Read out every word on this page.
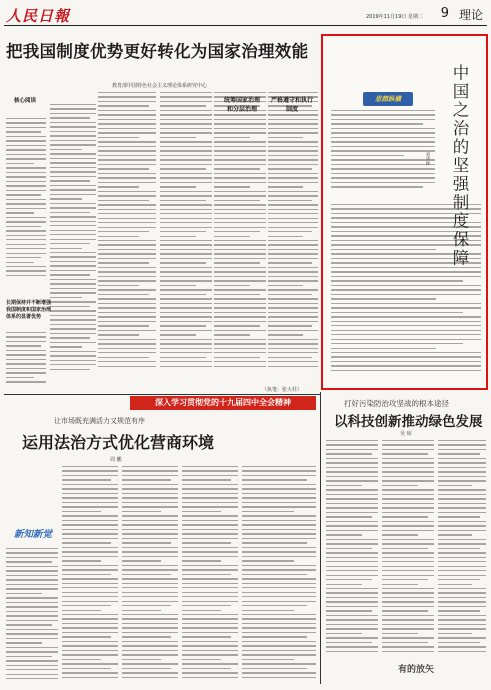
人民日報	2019年11月19日 星期二 9 理论
把我国制度优势更好转化为国家治理效能
教育部中国特色社会主义理论体系研究中心
核心阅读	统筹国家治理和分层治理
严格遵守和执行制度
长期保持并不断增强我国制度和国家治理体系的显著优势
（执笔：张大柱）
思想纵横	中国之治的坚强制度保障
刘华林
深入学习贯彻党的十九届四中全会精神
让市场既充满活力又规范有序
运用法治方式优化营商环境
周 鹏
新知新觉
打好污染防治攻坚战的根本途径
以科技创新推动绿色发展
吴 琼
有的放矢
